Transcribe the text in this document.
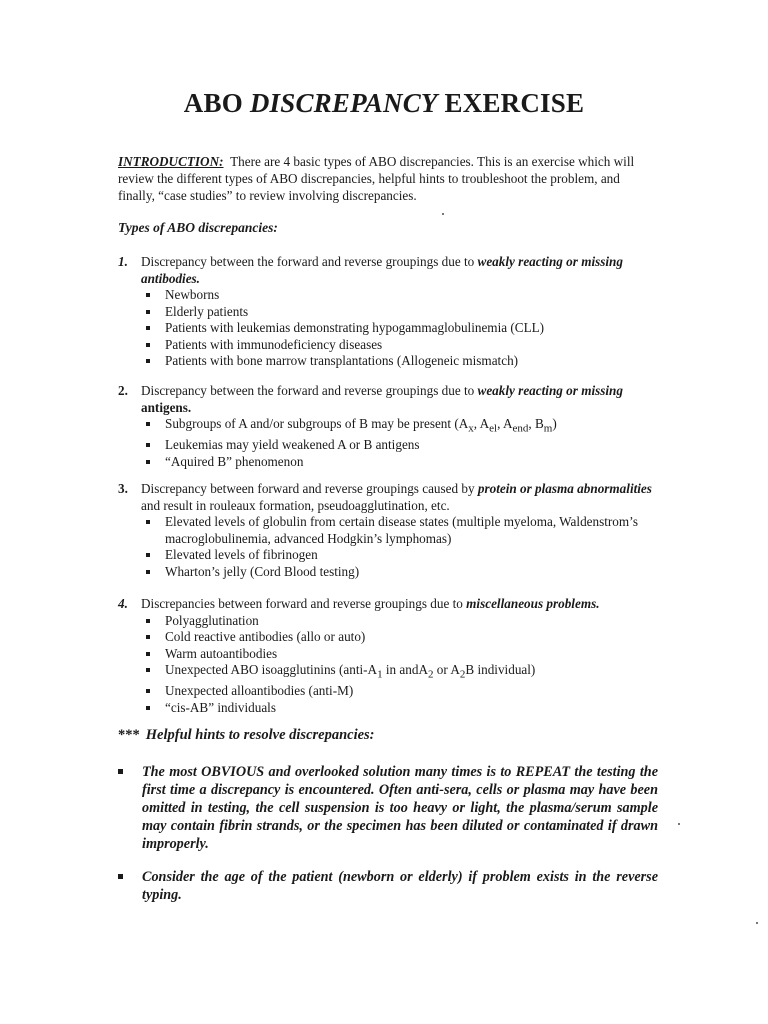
ABO DISCREPANCY EXERCISE
INTRODUCTION: There are 4 basic types of ABO discrepancies. This is an exercise which will review the different types of ABO discrepancies, helpful hints to troubleshoot the problem, and finally, “case studies” to review involving discrepancies.
Types of ABO discrepancies:
1. Discrepancy between the forward and reverse groupings due to weakly reacting or missing antibodies.
Newborns
Elderly patients
Patients with leukemias demonstrating hypogammaglobulinemia (CLL)
Patients with immunodeficiency diseases
Patients with bone marrow transplantations (Allogeneic mismatch)
2. Discrepancy between the forward and reverse groupings due to weakly reacting or missing
antigens.
Subgroups of A and/or subgroups of B may be present ($A_x$, $A_{el}$, $A_{end}$, $B_m$)
Leukemias may yield weakened A or B antigens
“Aquired B” phenomenon
3. Discrepancy between forward and reverse groupings caused by protein or plasma abnormalities and result in rouleaux formation, pseudoagglutination, etc.
Elevated levels of globulin from certain disease states (multiple myeloma, Waldenstrom’s macroglobulinemia, advanced Hodgkin’s lymphomas)
Elevated levels of fibrinogen
Wharton’s jelly (Cord Blood testing)
4. Discrepancies between forward and reverse groupings due to miscellaneous problems.
Polyagglutination
Cold reactive antibodies (allo or auto)
Warm autoantibodies
Unexpected ABO isoagglutinins ($anti-A_1$ in andA$_2$ or $A_2B$ individual)
Unexpected alloantibodies (anti-M)
“cis-AB” individuals
*** Helpful hints to resolve discrepancies:
The most OBVIOUS and overlooked solution many times is to REPEAT the testing the first time a discrepancy is encountered. Often anti-sera, cells or plasma may have been omitted in testing, the cell suspension is too heavy or light, the plasma/serum sample may contain fibrin strands, or the specimen has been diluted or contaminated if drawn improperly.
Consider the age of the patient (newborn or elderly) if problem exists in the reverse typing.
